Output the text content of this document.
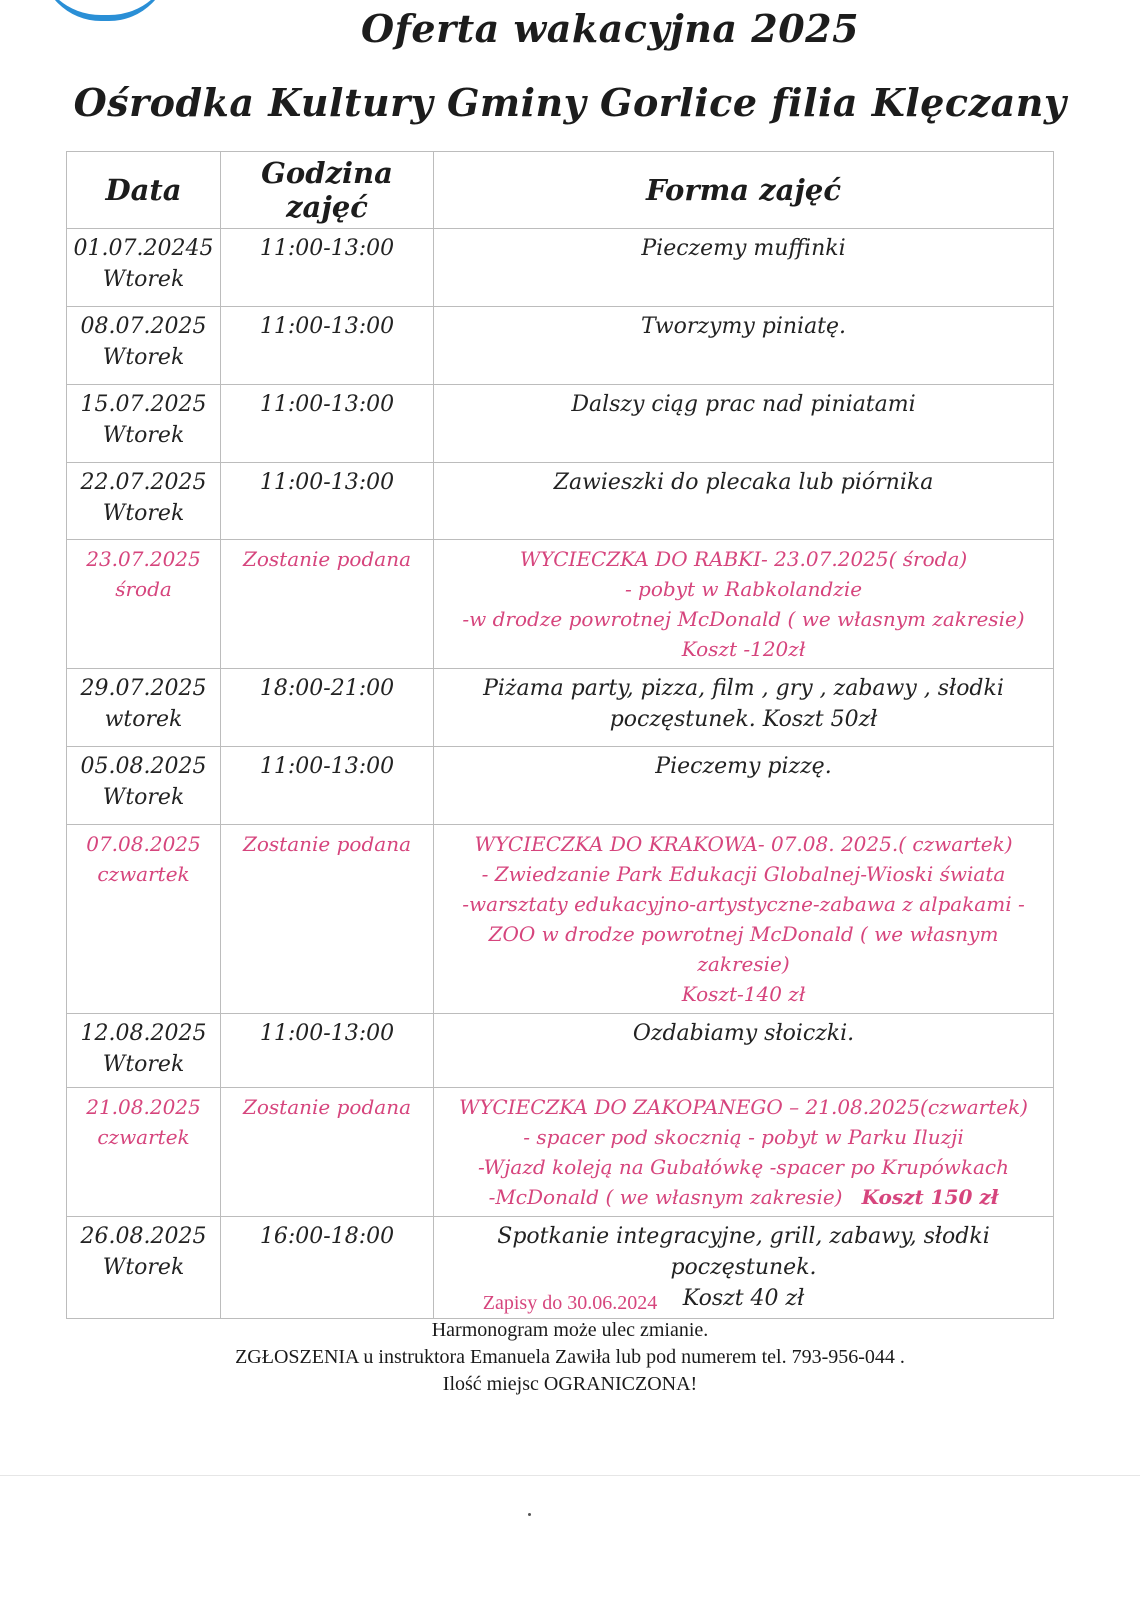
Oferta wakacyjna 2025
Ośrodka Kultury Gminy Gorlice filia Klęczany
Data	Godzina zajęć	Forma zajęć

01.07.20245
Wtorek	11:00-13:00	Pieczemy muffinki

08.07.2025
Wtorek	11:00-13:00	Tworzymy piniatę.

15.07.2025
Wtorek	11:00-13:00	Dalszy ciąg prac nad piniatami

22.07.2025
Wtorek	11:00-13:00	Zawieszki do plecaka lub piórnika

23.07.2025
środa	Zostanie podana	WYCIECZKA DO RABKI- 23.07.2025( środa)
- pobyt w Rabkolandzie
-w drodze powrotnej McDonald ( we własnym zakresie)
Koszt -120zł

29.07.2025
wtorek	18:00-21:00	Piżama party, pizza, film , gry , zabawy , słodki
poczęstunek. Koszt 50zł

05.08.2025
Wtorek	11:00-13:00	Pieczemy pizzę.

07.08.2025
czwartek	Zostanie podana	WYCIECZKA DO KRAKOWA- 07.08. 2025.( czwartek)
- Zwiedzanie Park Edukacji Globalnej-Wioski świata
-warsztaty edukacyjno-artystyczne-zabawa z alpakami -
ZOO w drodze powrotnej McDonald ( we własnym zakresie)
Koszt-140 zł

12.08.2025
Wtorek	11:00-13:00	Ozdabiamy słoiczki.

21.08.2025
czwartek	Zostanie podana	WYCIECZKA DO ZAKOPANEGO – 21.08.2025(czwartek)
- spacer pod skocznią - pobyt w Parku Iluzji
-Wjazd koleją na Gubałówkę -spacer po Krupówkach
-McDonald ( we własnym zakresie) Koszt 150 zł

26.08.2025
Wtorek	16:00-18:00	Spotkanie integracyjne, grill, zabawy, słodki poczęstunek.
Koszt 40 zł
Zapisy do 30.06.2024
Harmonogram może ulec zmianie.
ZGŁOSZENIA u instruktora Emanuela Zawiła lub pod numerem tel. 793-956-044 .
Ilość miejsc OGRANICZONA!
